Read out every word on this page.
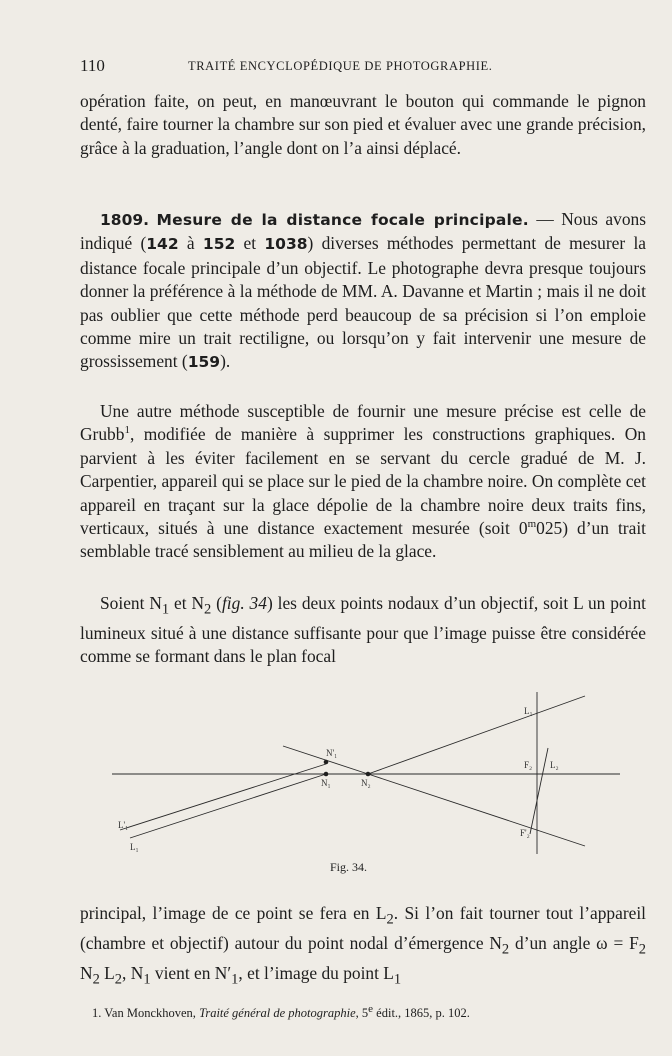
110	TRAITÉ ENCYCLOPÉDIQUE DE PHOTOGRAPHIE.

opération faite, on peut, en manœuvrant le bouton qui commande le pignon denté, faire tourner la chambre sur son pied et évaluer avec une grande précision, grâce à la graduation, l’angle dont on l’a ainsi déplacé.

1809. Mesure de la distance focale principale. — Nous avons indiqué (142 à 152 et 1038) diverses méthodes permettant de mesurer la distance focale principale d’un objectif. Le photographe devra presque toujours donner la préférence à la méthode de MM. A. Davanne et Martin ; mais il ne doit pas oublier que cette méthode perd beaucoup de sa précision si l’on emploie comme mire un trait rectiligne, ou lorsqu’on y fait intervenir une mesure de grossissement (159).

Une autre méthode susceptible de fournir une mesure précise est celle de Grubb$^1$, modifiée de manière à supprimer les constructions graphiques. On parvient à les éviter facilement en se servant du cercle gradué de M. J. Carpentier, appareil qui se place sur le pied de la chambre noire. On complète cet appareil en traçant sur la glace dépolie de la chambre noire deux traits fins, verticaux, situés à une distance exactement mesurée (soit 0$^m$025) d’un trait semblable tracé sensiblement au milieu de la glace.

Soient $N_1$ et $N_2$ (fig. 34) les deux points nodaux d’un objectif, soit L un point lumineux situé à une distance suffisante pour que l’image puisse être considérée comme se formant dans le plan focal

L₁
N'₁
N₁	N₂
F₂ L₂
F'₂
L'₁
L₁
Fig. 34.

principal, l’image de ce point se fera en $L_2$. Si l’on fait tourner tout l’appareil (chambre et objectif) autour du point nodal d’émergence $N_2$ d’un angle $\omega = F_2$ $N_2$ $L_2$, $N_1$ vient en $N'_1$, et l’image du point $L_1$

1. Van Monckhoven, Traité général de photographie, 5e édit., 1865, p. 102.
